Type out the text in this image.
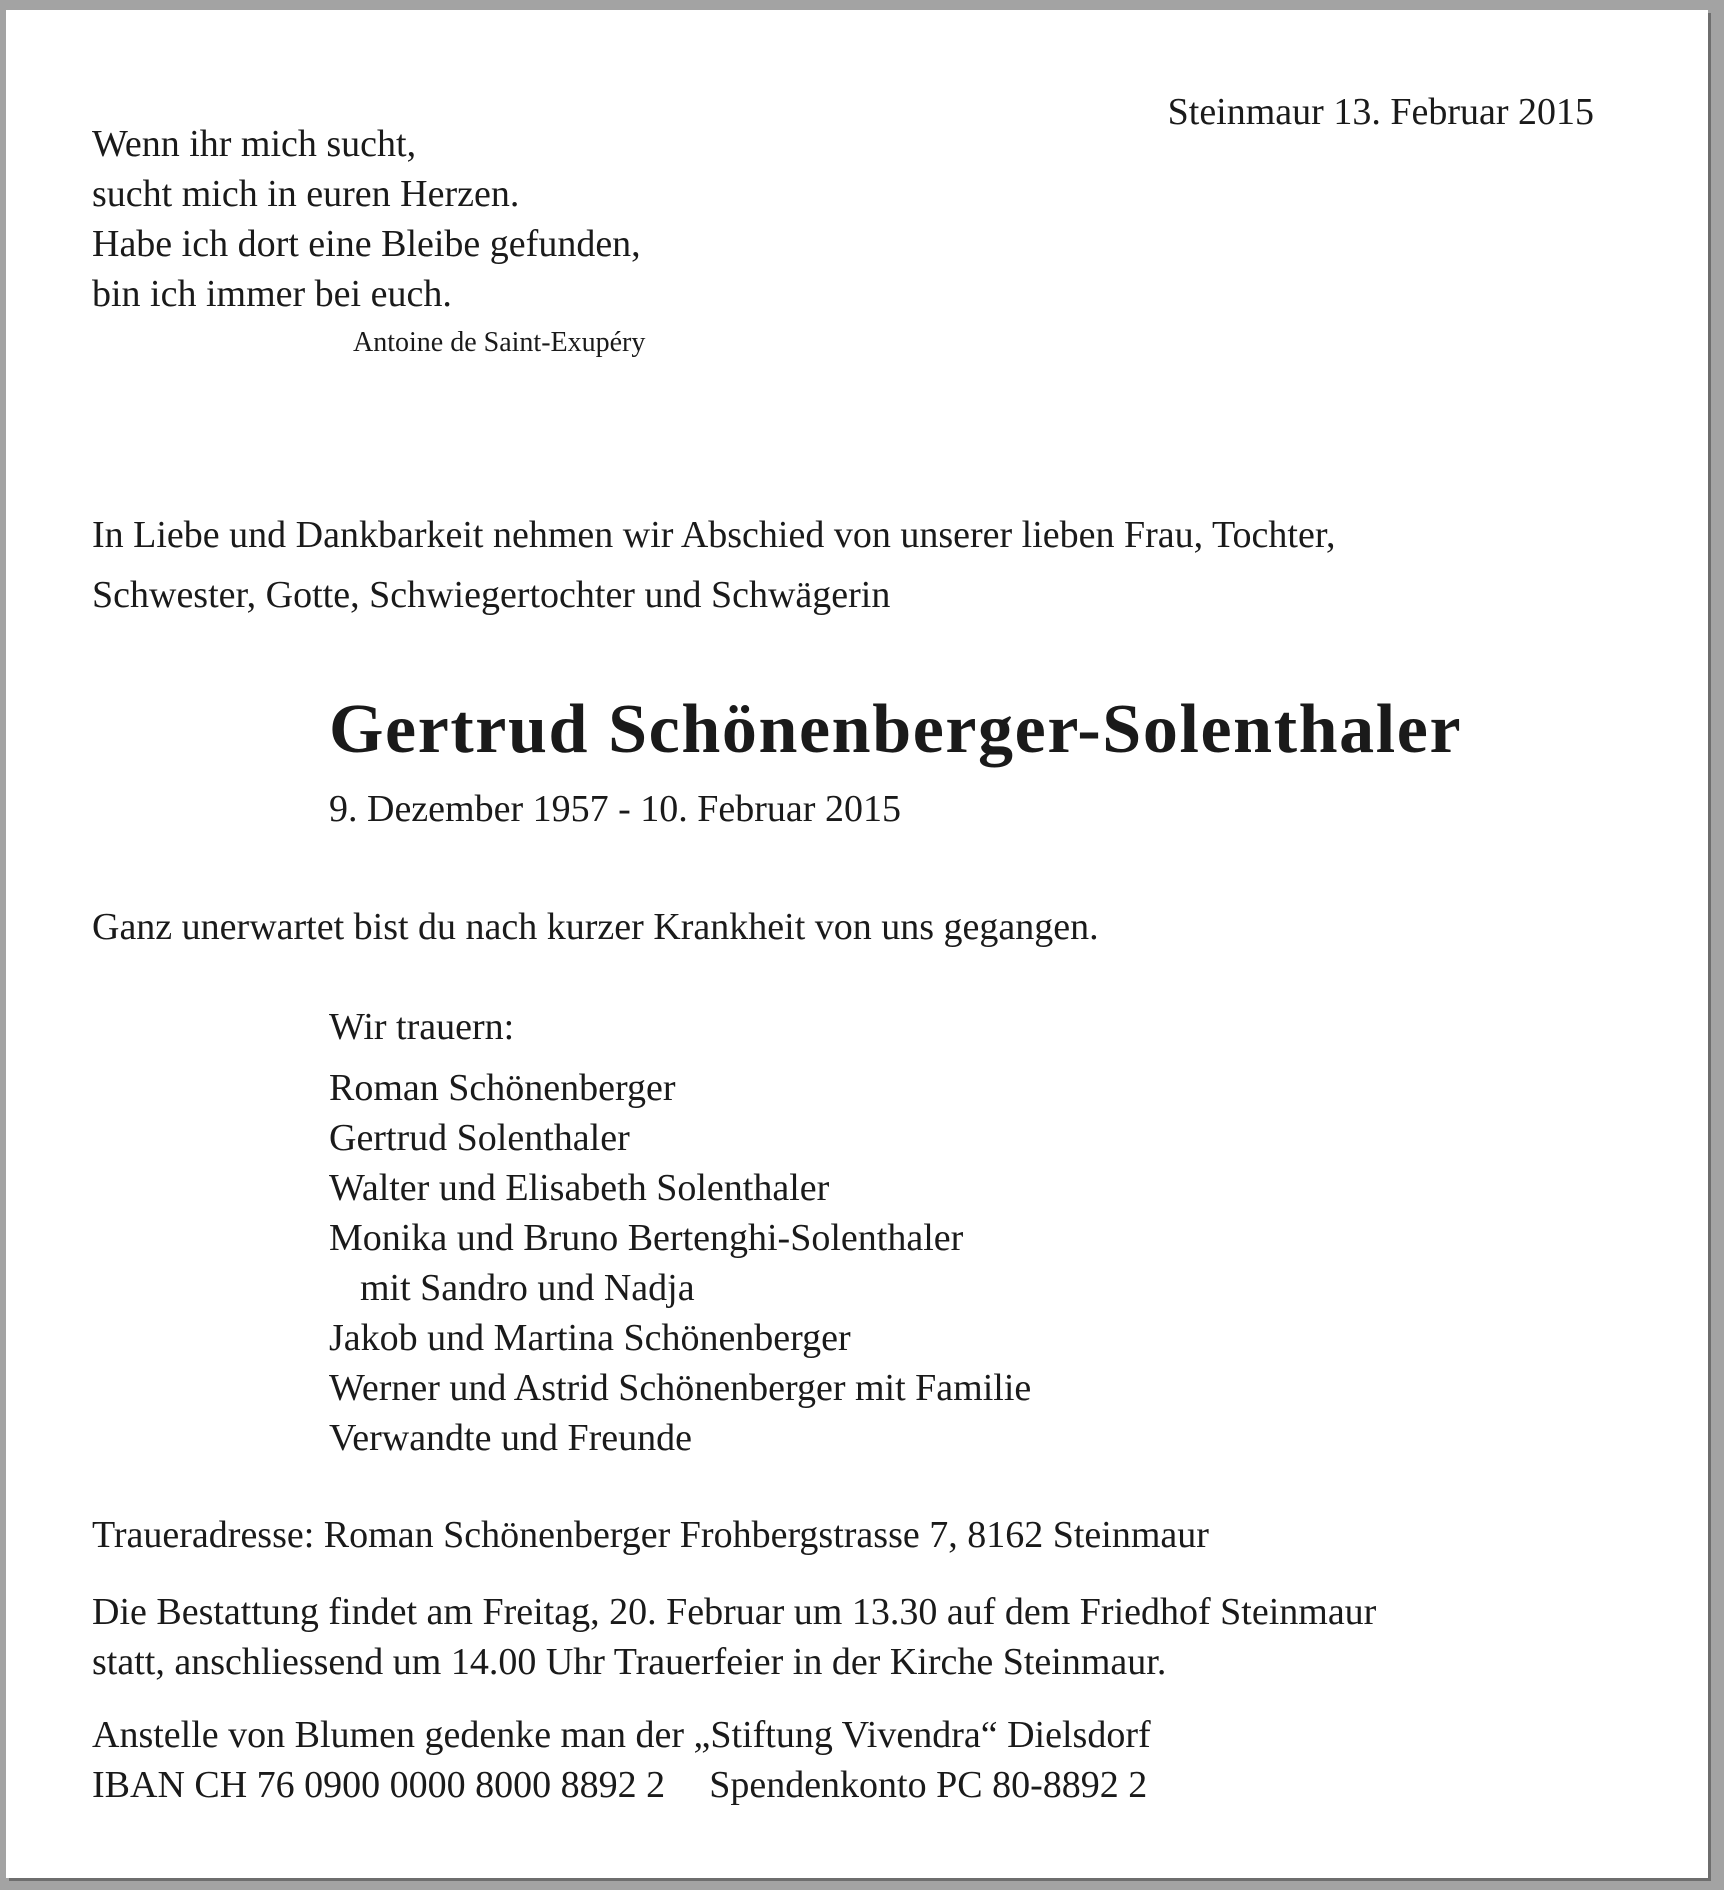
Steinmaur 13. Februar 2015
Wenn ihr mich sucht,
sucht mich in euren Herzen.
Habe ich dort eine Bleibe gefunden,
bin ich immer bei euch.
Antoine de Saint-Exupéry
In Liebe und Dankbarkeit nehmen wir Abschied von unserer lieben Frau, Tochter,
Schwester, Gotte, Schwiegertochter und Schwägerin
Gertrud Schönenberger-Solenthaler
9. Dezember 1957 - 10. Februar 2015
Ganz unerwartet bist du nach kurzer Krankheit von uns gegangen.
Wir trauern:
Roman Schönenberger
Gertrud Solenthaler
Walter und Elisabeth Solenthaler
Monika und Bruno Bertenghi-Solenthaler
mit Sandro und Nadja
Jakob und Martina Schönenberger
Werner und Astrid Schönenberger mit Familie
Verwandte und Freunde
Traueradresse: Roman Schönenberger Frohbergstrasse 7, 8162 Steinmaur
Die Bestattung findet am Freitag, 20. Februar um 13.30 auf dem Friedhof Steinmaur
statt, anschliessend um 14.00 Uhr Trauerfeier in der Kirche Steinmaur.
Anstelle von Blumen gedenke man der „Stiftung Vivendra“ Dielsdorf
IBAN CH 76 0900 0000 8000 8892 2 Spendenkonto PC 80-8892 2
